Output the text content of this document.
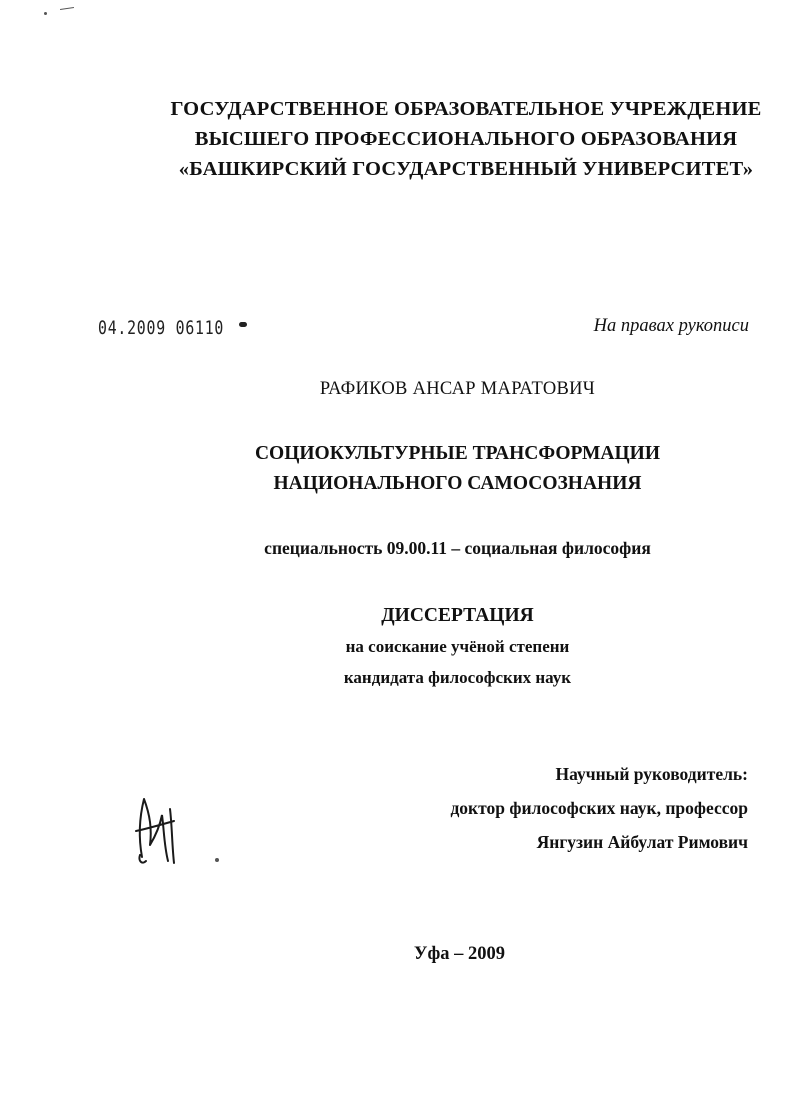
ГОСУДАРСТВЕННОЕ ОБРАЗОВАТЕЛЬНОЕ УЧРЕЖДЕНИЕ
ВЫСШЕГО ПРОФЕССИОНАЛЬНОГО ОБРАЗОВАНИЯ
«БАШКИРСКИЙ ГОСУДАРСТВЕННЫЙ УНИВЕРСИТЕТ»
04.2009 06110	На правах рукописи
РАФИКОВ АНСАР МАРАТОВИЧ
СОЦИОКУЛЬТУРНЫЕ ТРАНСФОРМАЦИИ
НАЦИОНАЛЬНОГО САМОСОЗНАНИЯ
специальность 09.00.11 – социальная философия
ДИССЕРТАЦИЯ
на соискание учёной степени
кандидата философских наук
Научный руководитель:
доктор философских наук, профессор
Янгузин Айбулат Римович
Уфа – 2009
